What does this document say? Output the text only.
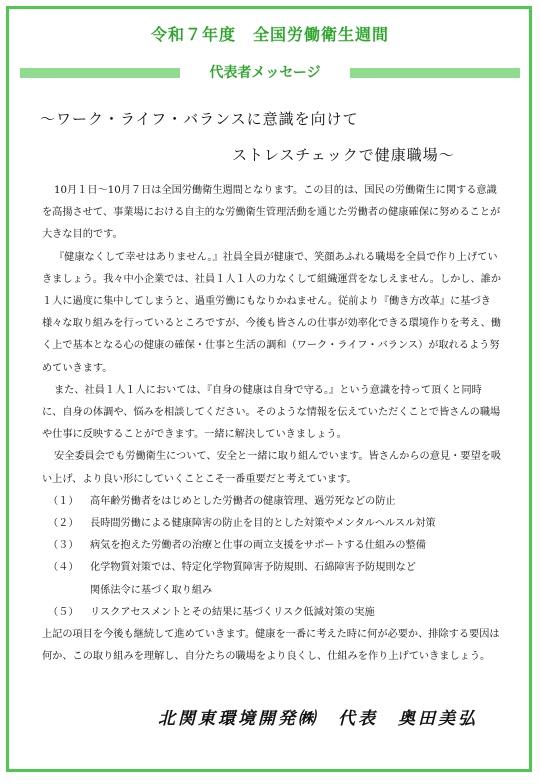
令和７年度　全国労働衛生週間
代表者メッセージ
～ワーク・ライフ・バランスに意識を向けて
ストレスチェックで健康職場～

10月１日～10月７日は全国労働衛生週間となります。この目的は、国民の労働衛生に関する意識を高揚させて、事業場における自主的な労働衛生管理活動を通じた労働者の健康確保に努めることが大きな目的です。

『健康なくして幸せはありません。』社員全員が健康で、笑顔あふれる職場を全員で作り上げていきましょう。我々中小企業では、社員１人１人の力なくして組織運営をなしえません。しかし、誰か１人に過度に集中してしまうと、過重労働にもなりかねません。従前より『働き方改革』に基づき様々な取り組みを行っているところですが、今後も皆さんの仕事が効率化できる環境作りを考え、働く上で基本となる心の健康の確保・仕事と生活の調和（ワーク・ライフ・バランス）が取れるよう努めていきます。

また、社員１人１人においては、『自身の健康は自身で守る。』という意識を持って頂くと同時に、自身の体調や、悩みを相談してください。そのような情報を伝えていただくことで皆さんの職場や仕事に反映することができます。一緒に解決していきましょう。

安全委員会でも労働衛生について、安全と一緒に取り組んでいます。皆さんからの意見・要望を吸い上げ、より良い形にしていくことこそ一番重要だと考えています。

（１）	高年齢労働者をはじめとした労働者の健康管理、過労死などの防止
（２）	長時間労働による健康障害の防止を目的とした対策やメンタルヘルスル対策
（３）	病気を抱えた労働者の治療と仕事の両立支援をサポートする仕組みの整備
（４）	化学物質対策では、特定化学物質障害予防規則、石綿障害予防規則など
関係法令に基づく取り組み
（５）	リスクアセスメントとその結果に基づくリスク低減対策の実施

上記の項目を今後も継続して進めていきます。健康を一番に考えた時に何が必要か、排除する要因は何か、この取り組みを理解し、自分たちの職場をより良くし、仕組みを作り上げていきましょう。

北関東環境開発㈱　代表　奥田美弘
